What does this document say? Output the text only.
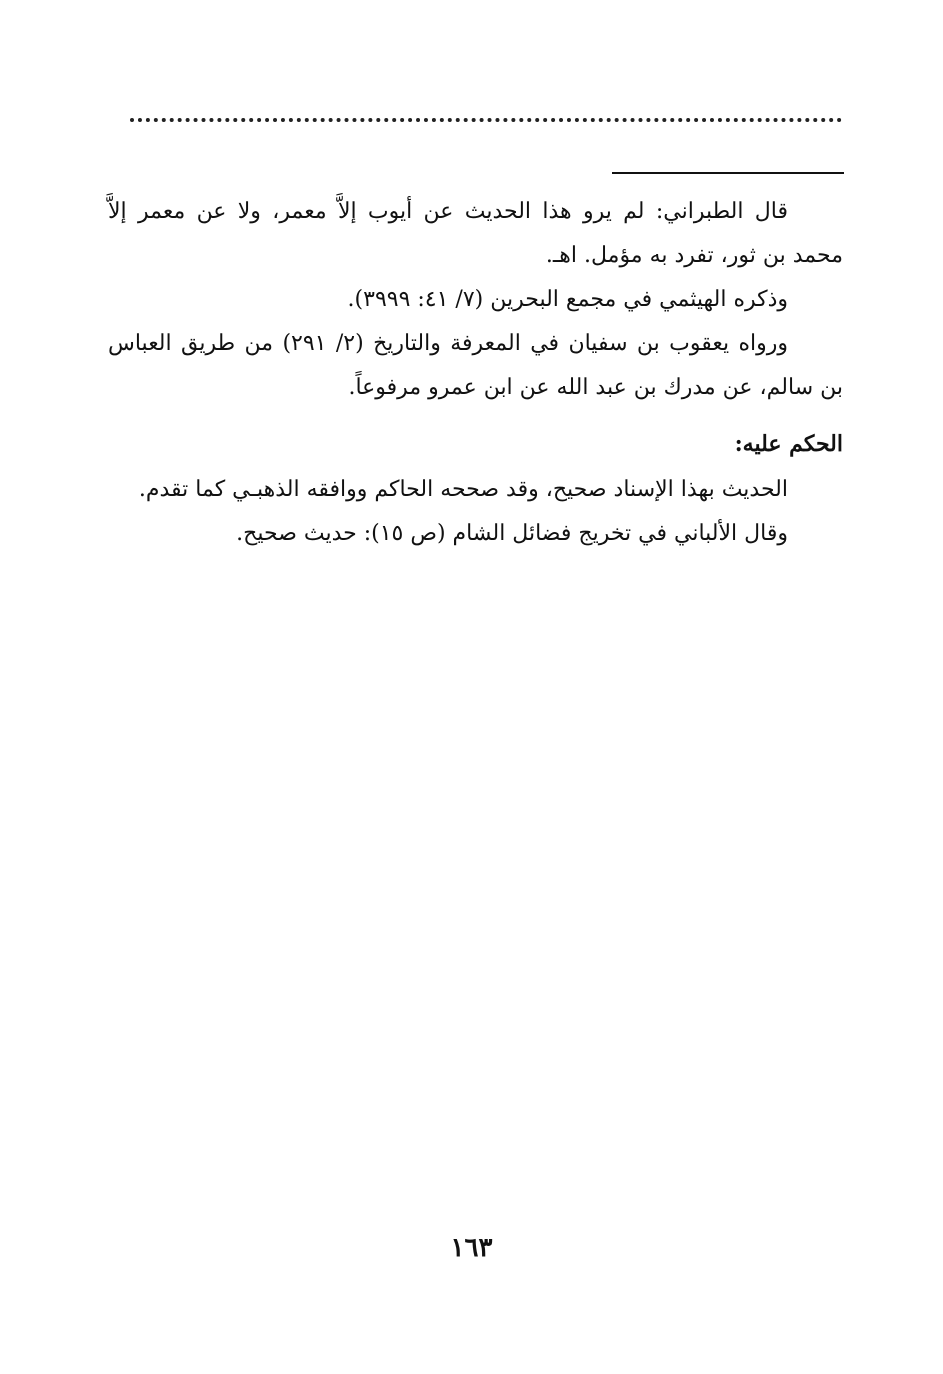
قال الطبراني: لم يرو هذا الحديث عن أيوب إلاَّ معمر، ولا عن معمر إلاَّ محمد بن ثور، تفرد به مؤمل. اهـ.

وذكره الهيثمي في مجمع البحرين (٧/ ٤١: ٣٩٩٩).

ورواه يعقوب بن سفيان في المعرفة والتاريخ (٢/ ٢٩١) من طريق العباس بن سالم، عن مدرك بن عبد الله عن ابن عمرو مرفوعاً.

الحكم عليه:

الحديث بهذا الإسناد صحيح، وقد صححه الحاكم ووافقه الذهبـي كما تقدم.

وقال الألباني في تخريج فضائل الشام (ص ١٥): حديث صحيح.

١٦٣
